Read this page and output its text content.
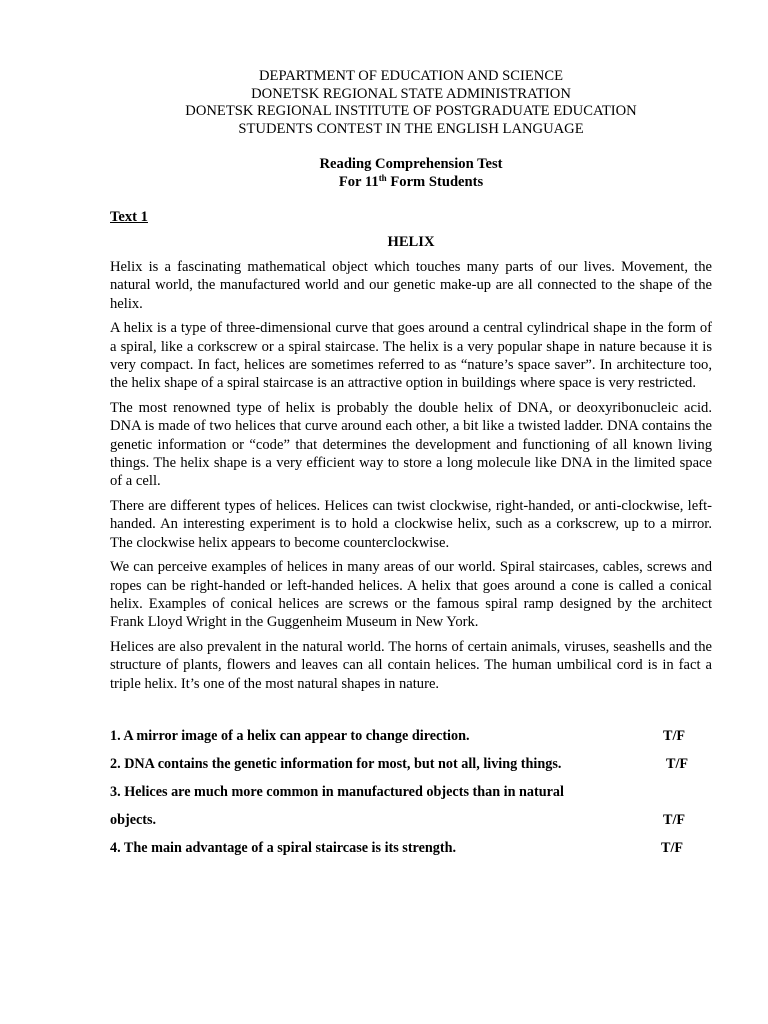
DEPARTMENT OF EDUCATION AND SCIENCE
DONETSK REGIONAL STATE ADMINISTRATION
DONETSK REGIONAL INSTITUTE OF POSTGRADUATE EDUCATION
STUDENTS CONTEST IN THE ENGLISH LANGUAGE
Reading Comprehension Test
For 11th Form Students
Text 1
HELIX

Helix is a fascinating mathematical object which touches many parts of our lives. Movement, the natural world, the manufactured world and our genetic make-up are all connected to the shape of the helix.

A helix is a type of three-dimensional curve that goes around a central cylindrical shape in the form of a spiral, like a corkscrew or a spiral staircase. The helix is a very popular shape in nature because it is very compact. In fact, helices are sometimes referred to as “nature’s space saver”. In architecture too, the helix shape of a spiral staircase is an attractive option in buildings where space is very restricted.

The most renowned type of helix is probably the double helix of DNA, or deoxyribonucleic acid. DNA is made of two helices that curve around each other, a bit like a twisted ladder. DNA contains the genetic information or “code” that determines the development and functioning of all known living things. The helix shape is a very efficient way to store a long molecule like DNA in the limited space of a cell.

There are different types of helices. Helices can twist clockwise, right-handed, or anti-clockwise, left-handed. An interesting experiment is to hold a clockwise helix, such as a corkscrew, up to a mirror. The clockwise helix appears to become counterclockwise.

We can perceive examples of helices in many areas of our world. Spiral staircases, cables, screws and ropes can be right-handed or left-handed helices. A helix that goes around a cone is called a conical helix. Examples of conical helices are screws or the famous spiral ramp designed by the architect Frank Lloyd Wright in the Guggenheim Museum in New York.

Helices are also prevalent in the natural world. The horns of certain animals, viruses, seashells and the structure of plants, flowers and leaves can all contain helices. The human umbilical cord is in fact a triple helix. It’s one of the most natural shapes in nature.

1. A mirror image of a helix can appear to change direction.	T/F
2. DNA contains the genetic information for most, but not all, living things.	T/F
3. Helices are much more common in manufactured objects than in natural
objects.	T/F
4. The main advantage of a spiral staircase is its strength.	T/F
